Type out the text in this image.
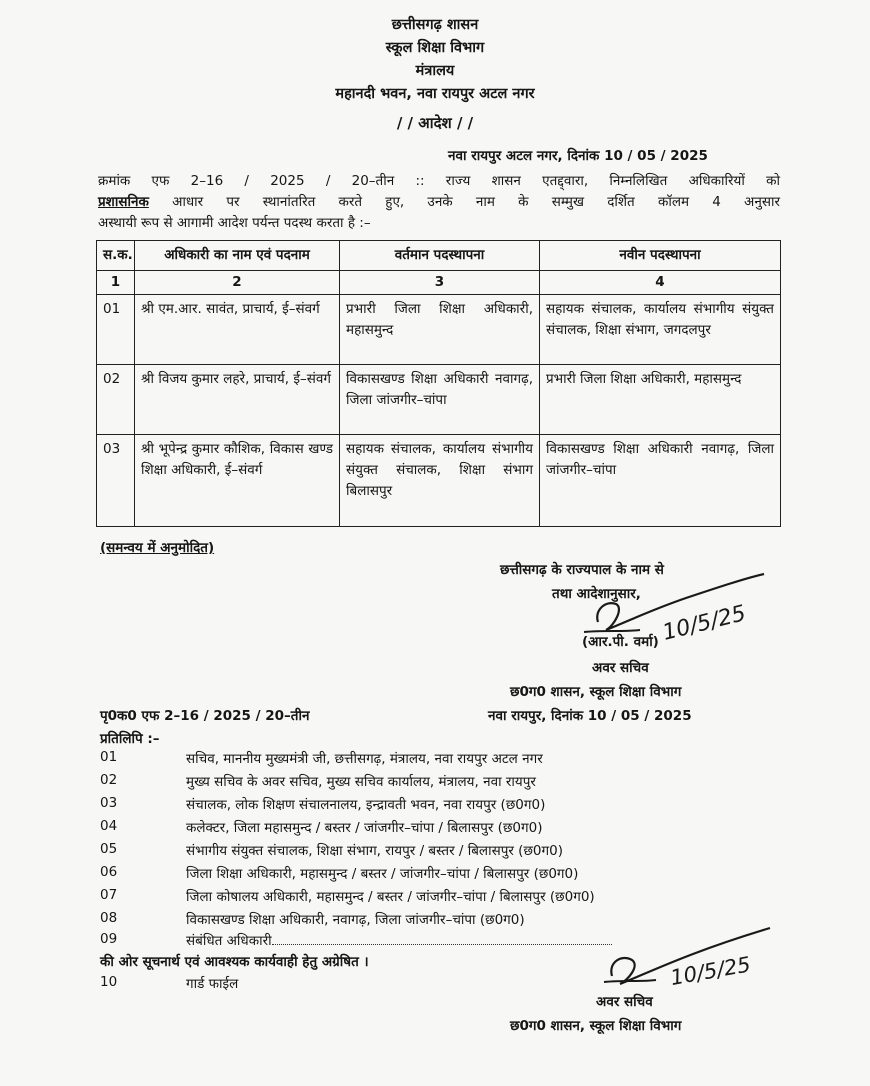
छत्तीसगढ़ शासन
स्कूल शिक्षा विभाग
मंत्रालय
महानदी भवन, नवा रायपुर अटल नगर
/ / आदेश / /
नवा रायपुर अटल नगर, दिनांक 10 / 05 / 2025
क्रमांक एफ 2–16 / 2025 / 20–तीन :: राज्य शासन एतद्द्वारा, निम्नलिखित अधिकारियों को
प्रशासनिक आधार पर स्थानांतरित करते हुए, उनके नाम के सम्मुख दर्शित कॉलम 4 अनुसार
अस्थायी रूप से आगामी आदेश पर्यन्त पदस्थ करता है :–
स.क.	अधिकारी का नाम एवं पदनाम	वर्तमान पदस्थापना	नवीन पदस्थापना
1	2	3	4
01	श्री एम.आर. सावंत, प्राचार्य, ई–संवर्ग	प्रभारी जिला शिक्षा अधिकारी, महासमुन्द	सहायक संचालक, कार्यालय संभागीय संयुक्त संचालक, शिक्षा संभाग, जगदलपुर
02	श्री विजय कुमार लहरे, प्राचार्य, ई–संवर्ग	विकासखण्ड शिक्षा अधिकारी नवागढ़, जिला जांजगीर–चांपा	प्रभारी जिला शिक्षा अधिकारी, महासमुन्द
03	श्री भूपेन्द्र कुमार कौशिक, विकास खण्ड शिक्षा अधिकारी, ई–संवर्ग	सहायक संचालक, कार्यालय संभागीय संयुक्त संचालक, शिक्षा संभाग बिलासपुर	विकासखण्ड शिक्षा अधिकारी नवागढ़, जिला जांजगीर–चांपा
(समन्वय में अनुमोदित)
छत्तीसगढ़ के राज्यपाल के नाम से
तथा आदेशानुसार,
10/5/25
(आर.पी. वर्मा)
अवर सचिव
छ0ग0 शासन, स्कूल शिक्षा विभाग
पृ0क0 एफ 2–16 / 2025 / 20–तीन	नवा रायपुर, दिनांक 10 / 05 / 2025
प्रतिलिपि :–
01	सचिव, माननीय मुख्यमंत्री जी, छत्तीसगढ़, मंत्रालय, नवा रायपुर अटल नगर
02	मुख्य सचिव के अवर सचिव, मुख्य सचिव कार्यालय, मंत्रालय, नवा रायपुर
03	संचालक, लोक शिक्षण संचालनालय, इन्द्रावती भवन, नवा रायपुर (छ0ग0)
04	कलेक्टर, जिला महासमुन्द / बस्तर / जांजगीर–चांपा / बिलासपुर (छ0ग0)
05	संभागीय संयुक्त संचालक, शिक्षा संभाग, रायपुर / बस्तर / बिलासपुर (छ0ग0)
06	जिला शिक्षा अधिकारी, महासमुन्द / बस्तर / जांजगीर–चांपा / बिलासपुर (छ0ग0)
07	जिला कोषालय अधिकारी, महासमुन्द / बस्तर / जांजगीर–चांपा / बिलासपुर (छ0ग0)
08	विकासखण्ड शिक्षा अधिकारी, नवागढ़, जिला जांजगीर–चांपा (छ0ग0)
09	संबंधित अधिकारी
की ओर सूचनार्थ एवं आवश्यक कार्यवाही हेतु अग्रेषित ।
10	गार्ड फाईल	10/5/25
अवर सचिव
छ0ग0 शासन, स्कूल शिक्षा विभाग
